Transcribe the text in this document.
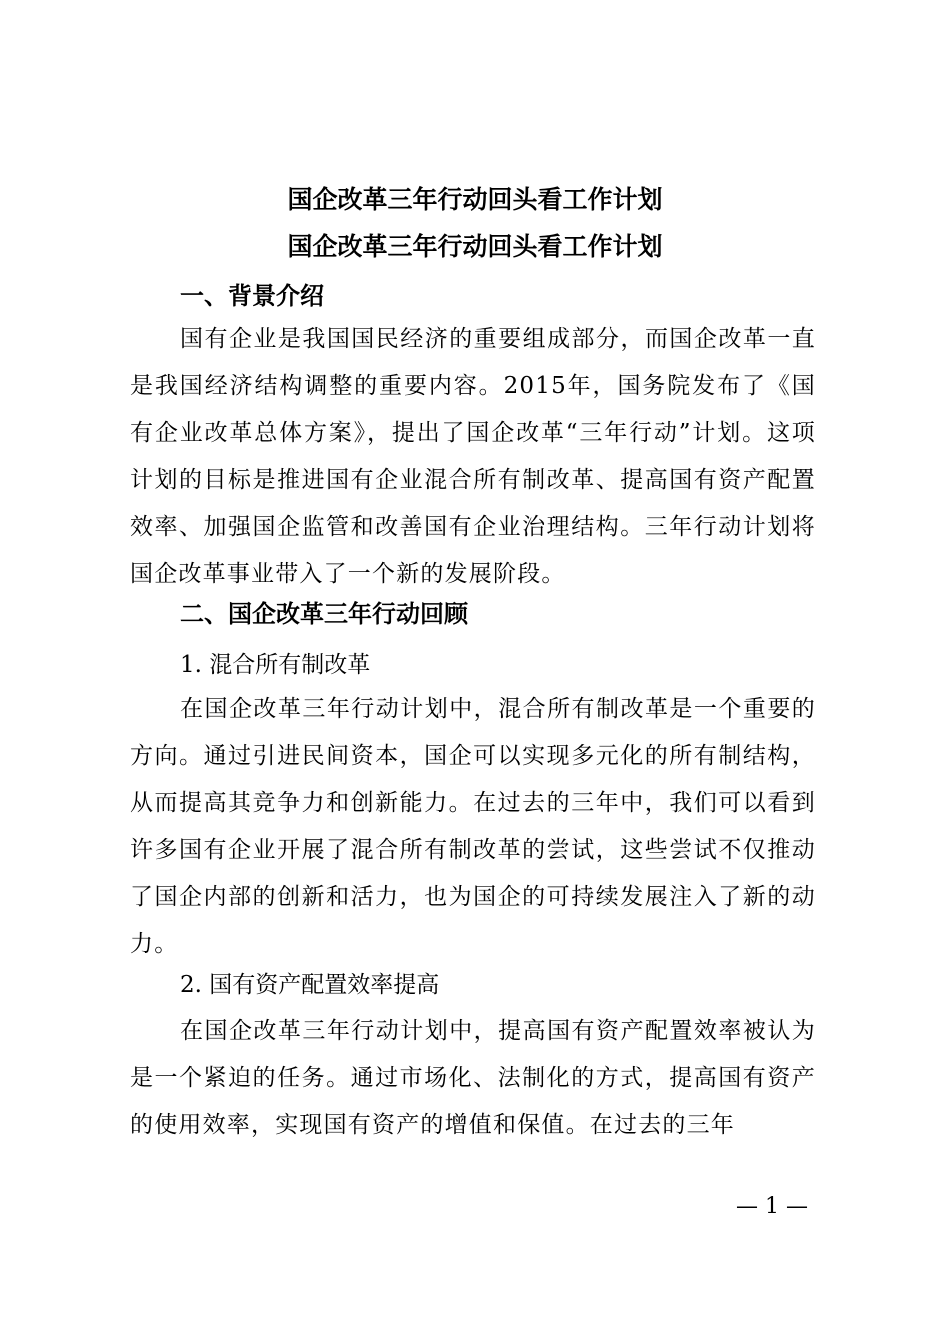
国企改革三年行动回头看工作计划
国企改革三年行动回头看工作计划
一、背景介绍

国有企业是我国国民经济的重要组成部分，而国企改革一直是我国经济结构调整的重要内容。2015年，国务院发布了《国有企业改革总体方案》，提出了国企改革“三年行动”计划。这项计划的目标是推进国有企业混合所有制改革、提高国有资产配置效率、加强国企监管和改善国有企业治理结构。三年行动计划将国企改革事业带入了一个新的发展阶段。

二、国企改革三年行动回顾
1. 混合所有制改革

在国企改革三年行动计划中，混合所有制改革是一个重要的方向。通过引进民间资本，国企可以实现多元化的所有制结构，从而提高其竞争力和创新能力。在过去的三年中，我们可以看到许多国有企业开展了混合所有制改革的尝试，这些尝试不仅推动了国企内部的创新和活力，也为国企的可持续发展注入了新的动力。

2. 国有资产配置效率提高

在国企改革三年行动计划中，提高国有资产配置效率被认为是一个紧迫的任务。通过市场化、法制化的方式，提高国有资产的使用效率，实现国有资产的增值和保值。在过去的三年

— 1 —
